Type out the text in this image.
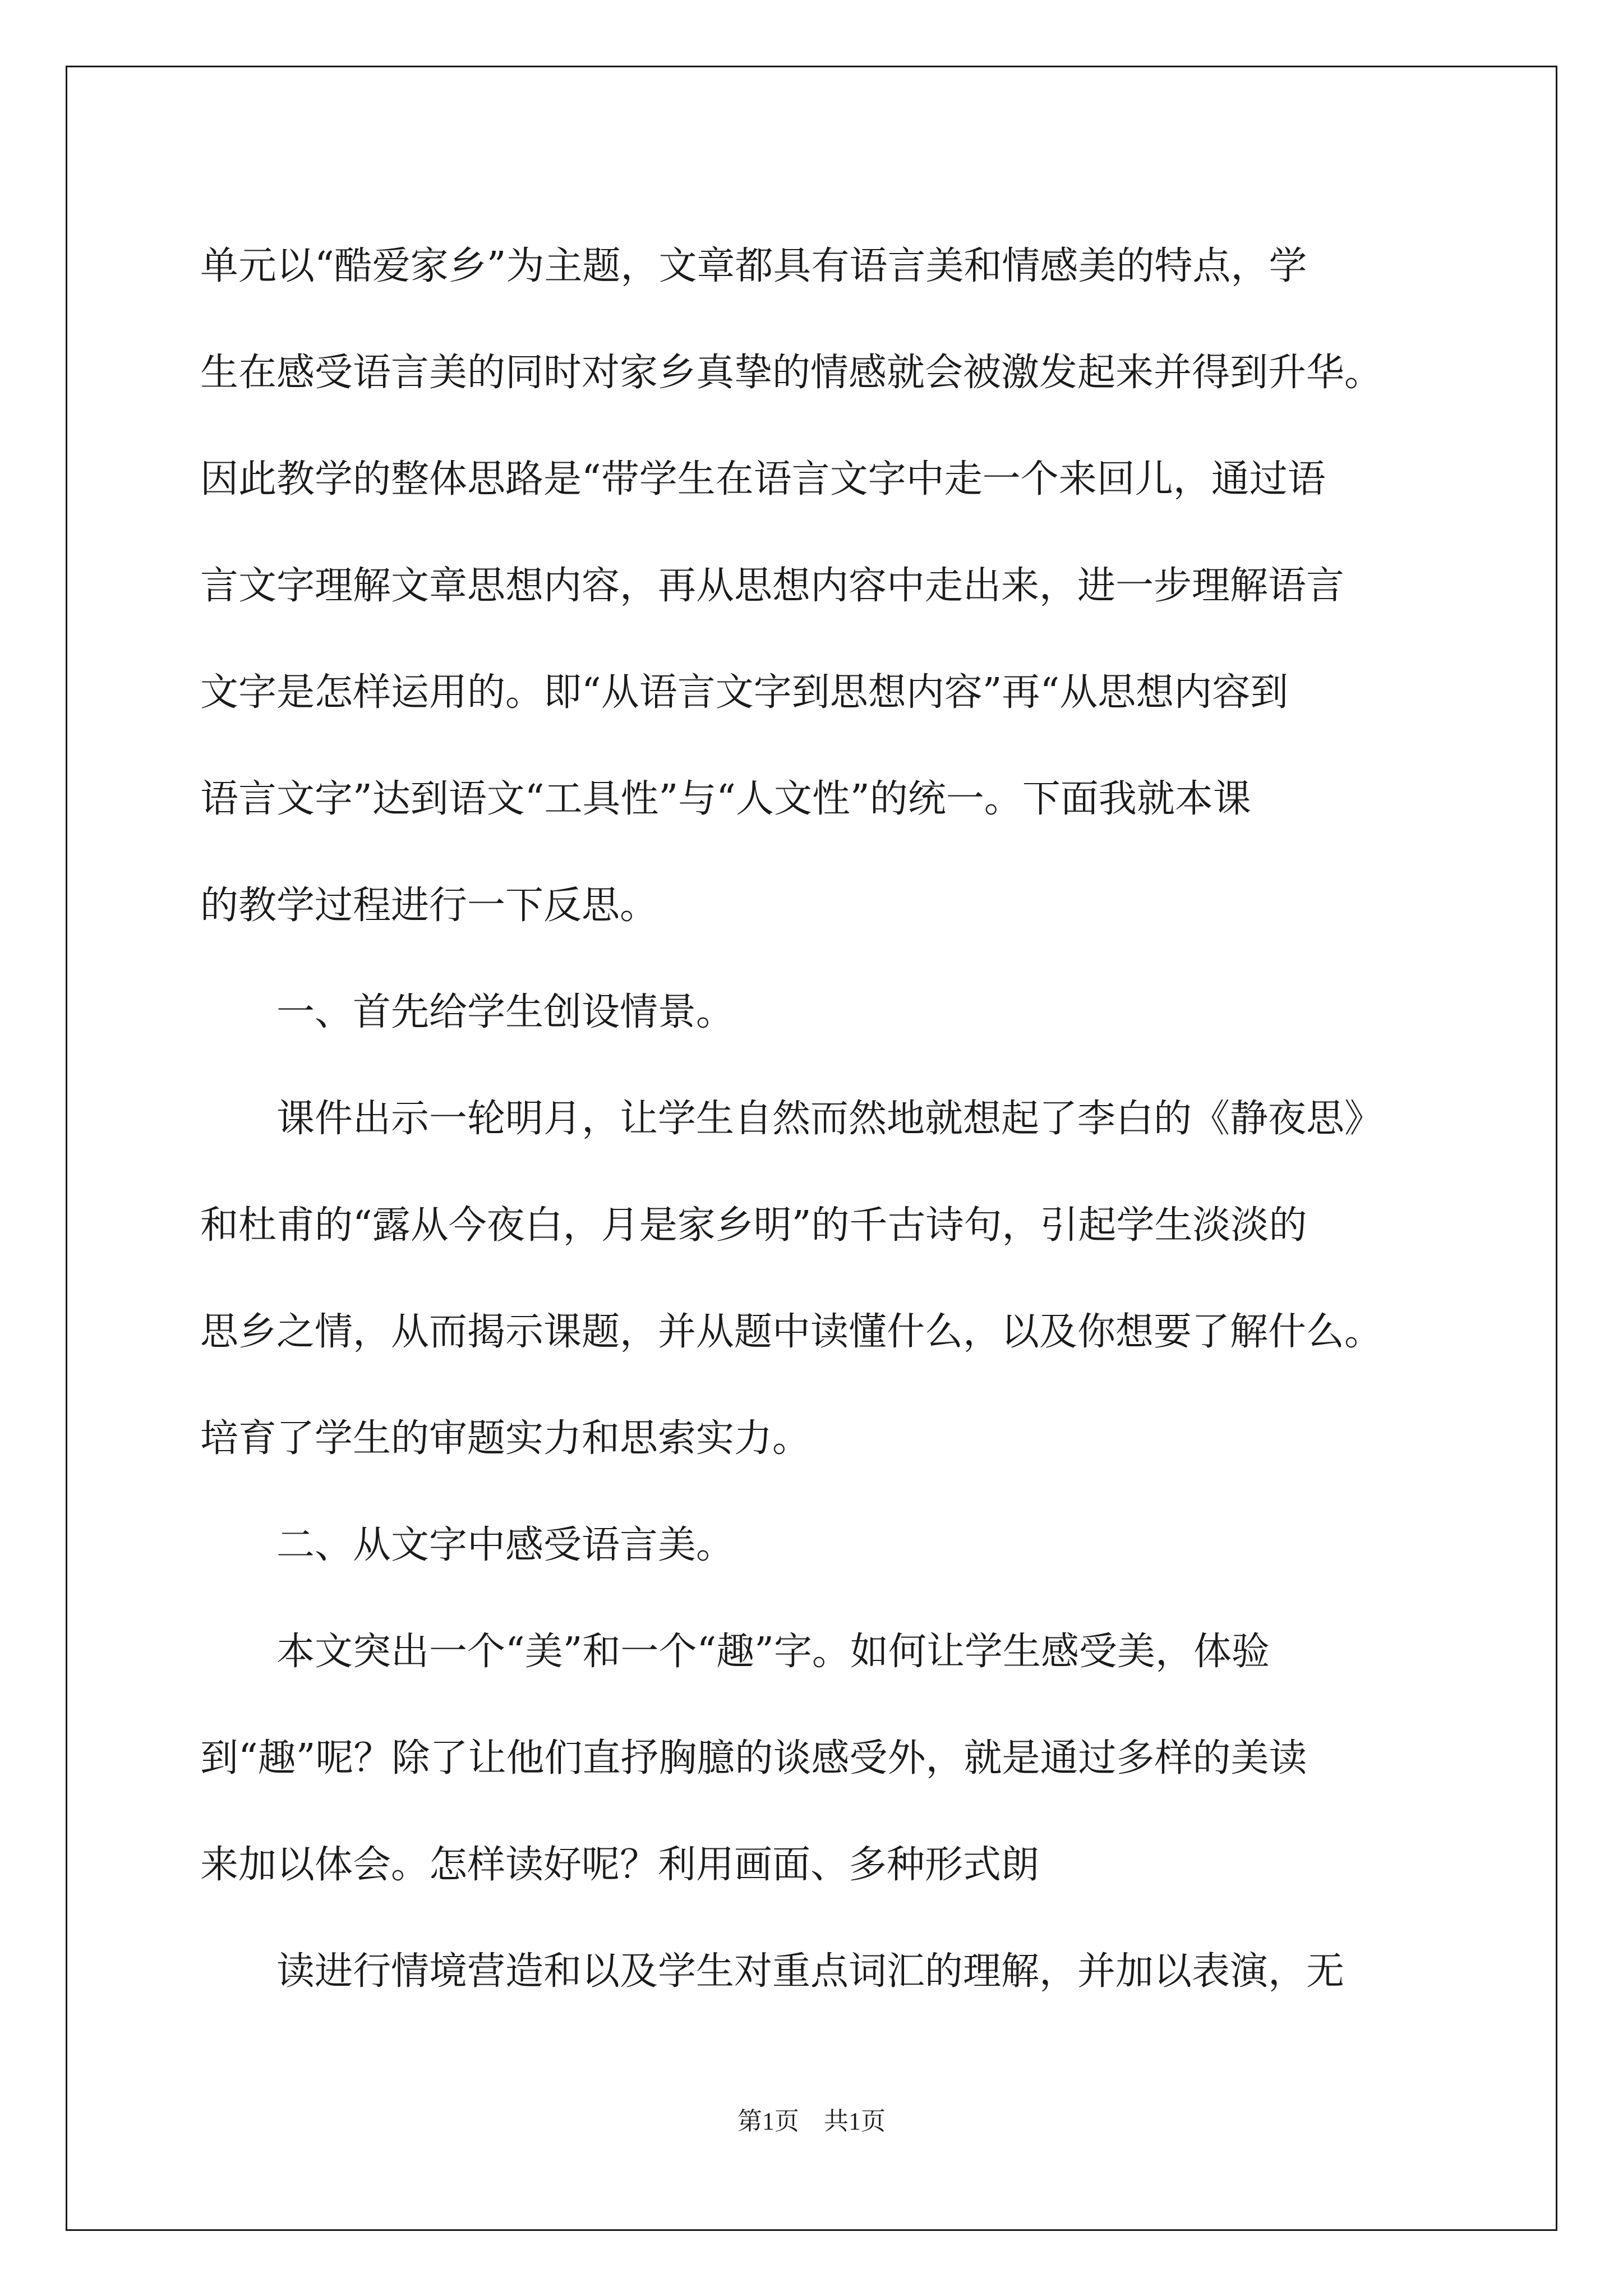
单元以“酷爱家乡”为主题，文章都具有语言美和情感美的特点，学
生在感受语言美的同时对家乡真挚的情感就会被激发起来并得到升华。
因此教学的整体思路是“带学生在语言文字中走一个来回儿，通过语
言文字理解文章思想内容，再从思想内容中走出来，进一步理解语言
文字是怎样运用的。即“从语言文字到思想内容”再“从思想内容到
语言文字”达到语文“工具性”与“人文性”的统一。下面我就本课
的教学过程进行一下反思。
　　一、首先给学生创设情景。
　　课件出示一轮明月，让学生自然而然地就想起了李白的《静夜思》
和杜甫的“露从今夜白，月是家乡明”的千古诗句，引起学生淡淡的
思乡之情，从而揭示课题，并从题中读懂什么，以及你想要了解什么。
培育了学生的审题实力和思索实力。
　　二、从文字中感受语言美。
　　本文突出一个“美”和一个“趣”字。如何让学生感受美，体验
到“趣”呢？除了让他们直抒胸臆的谈感受外，就是通过多样的美读
来加以体会。怎样读好呢？利用画面、多种形式朗
　　读进行情境营造和以及学生对重点词汇的理解，并加以表演，无
第1页　共1页
